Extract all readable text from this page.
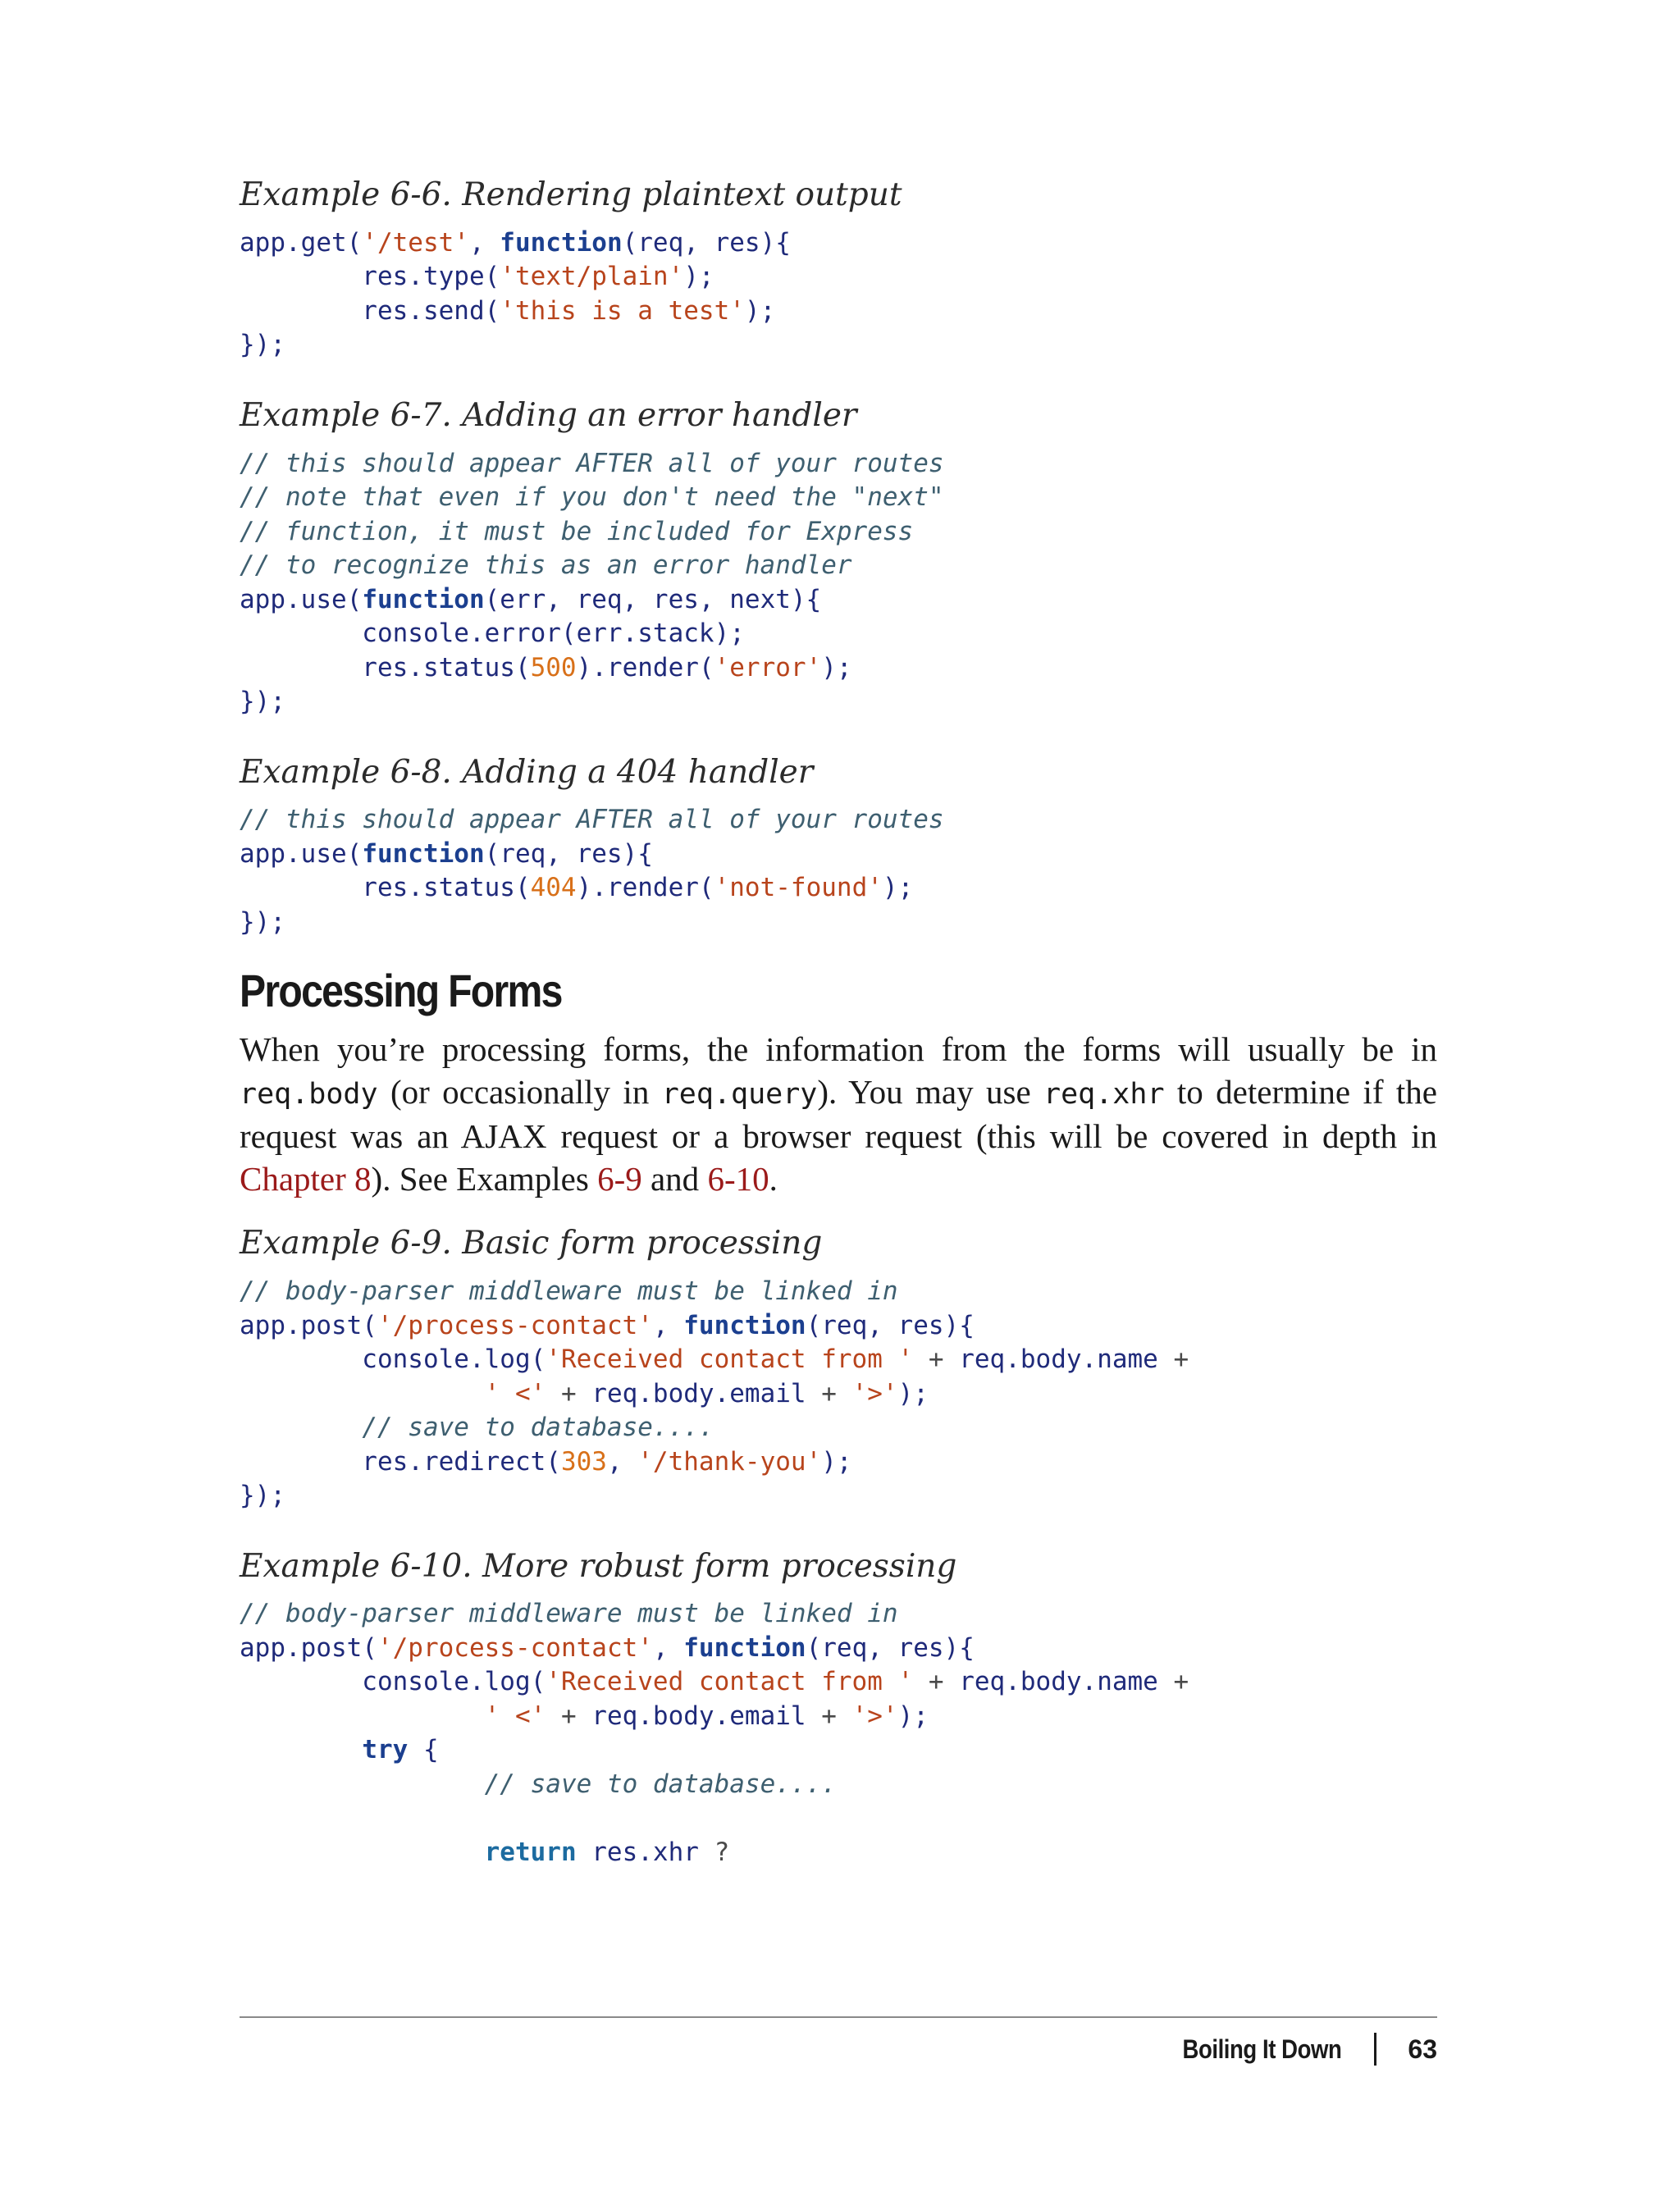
Example 6-6. Rendering plaintext output

app.get('/test', function(req, res){
res.type('text/plain');
res.send('this is a test');
});

Example 6-7. Adding an error handler

// this should appear AFTER all of your routes
// note that even if you don't need the "next"
// function, it must be included for Express
// to recognize this as an error handler
app.use(function(err, req, res, next){
console.error(err.stack);
res.status(500).render('error');
});

Example 6-8. Adding a 404 handler

// this should appear AFTER all of your routes
app.use(function(req, res){
res.status(404).render('not-found');
});
Processing Forms

When you’re processing forms, the information from the forms will usually be in req.body (or occasionally in req.query). You may use req.xhr to determine if the request was an AJAX request or a browser request (this will be covered in depth in Chapter 8). See Examples 6-9 and 6-10.

Example 6-9. Basic form processing

// body-parser middleware must be linked in
app.post('/process-contact', function(req, res){
console.log('Received contact from ' + req.body.name +
' <' + req.body.email + '>');
// save to database....
res.redirect(303, '/thank-you');
});

Example 6-10. More robust form processing

// body-parser middleware must be linked in
app.post('/process-contact', function(req, res){
console.log('Received contact from ' + req.body.name +
' <' + req.body.email + '>');
try {
// save to database....

return res.xhr ?
Boiling It Down	63
